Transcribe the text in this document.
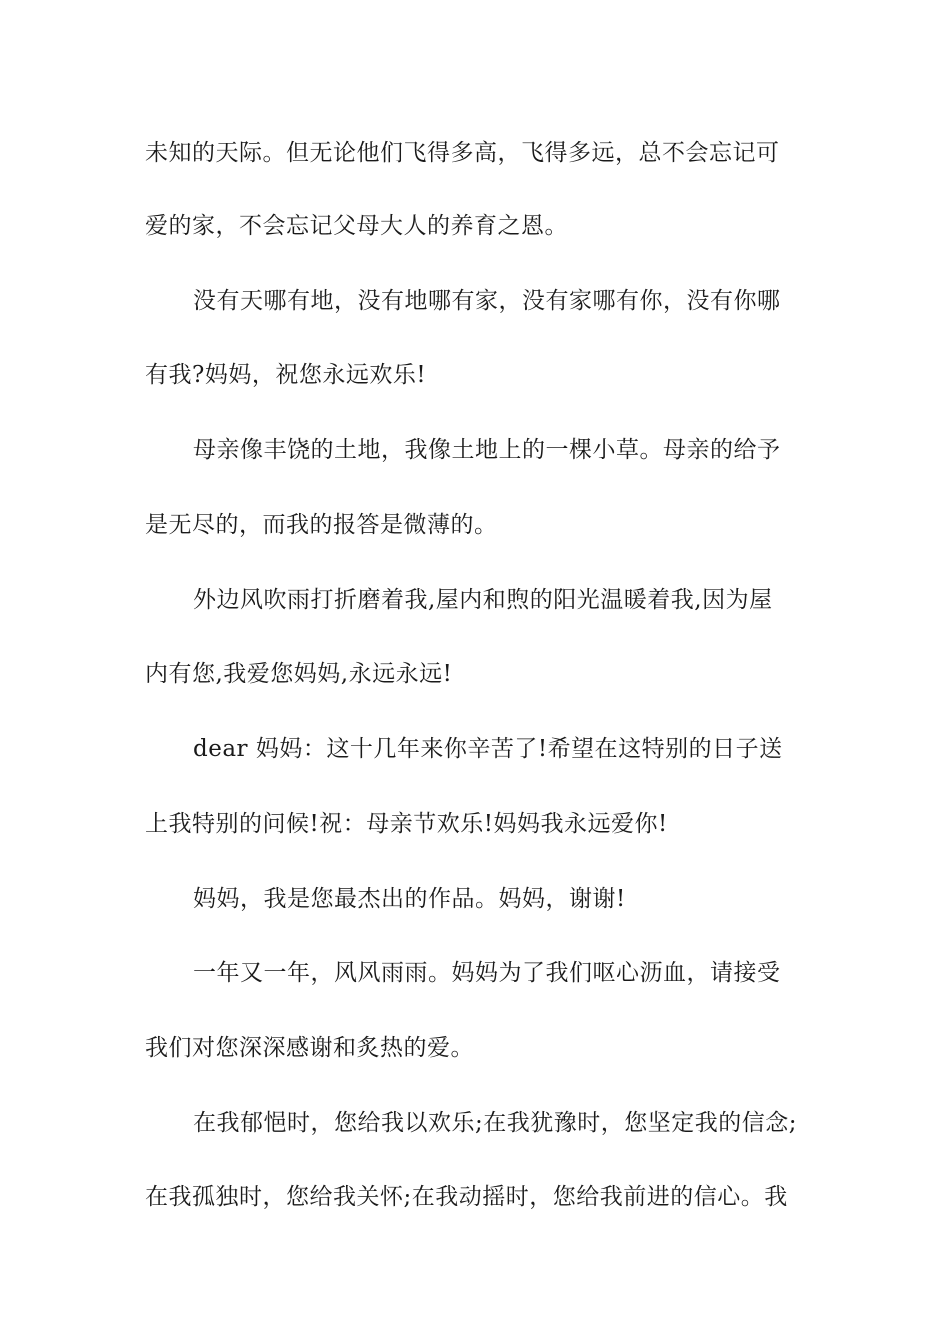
未知的天际。但无论他们飞得多高，飞得多远，总不会忘记可
爱的家，不会忘记父母大人的养育之恩。
没有天哪有地，没有地哪有家，没有家哪有你，没有你哪
有我?妈妈，祝您永远欢乐!
母亲像丰饶的土地，我像土地上的一棵小草。母亲的给予
是无尽的，而我的报答是微薄的。
外边风吹雨打折磨着我,屋内和煦的阳光温暖着我,因为屋
内有您,我爱您妈妈,永远永远!
dear 妈妈：这十几年来你辛苦了!希望在这特别的日子送
上我特别的问候!祝：母亲节欢乐!妈妈我永远爱你!
妈妈，我是您最杰出的作品。妈妈，谢谢!
一年又一年，风风雨雨。妈妈为了我们呕心沥血，请接受
我们对您深深感谢和炙热的爱。
在我郁悒时，您给我以欢乐;在我犹豫时，您坚定我的信念;
在我孤独时，您给我关怀;在我动摇时，您给我前进的信心。我
